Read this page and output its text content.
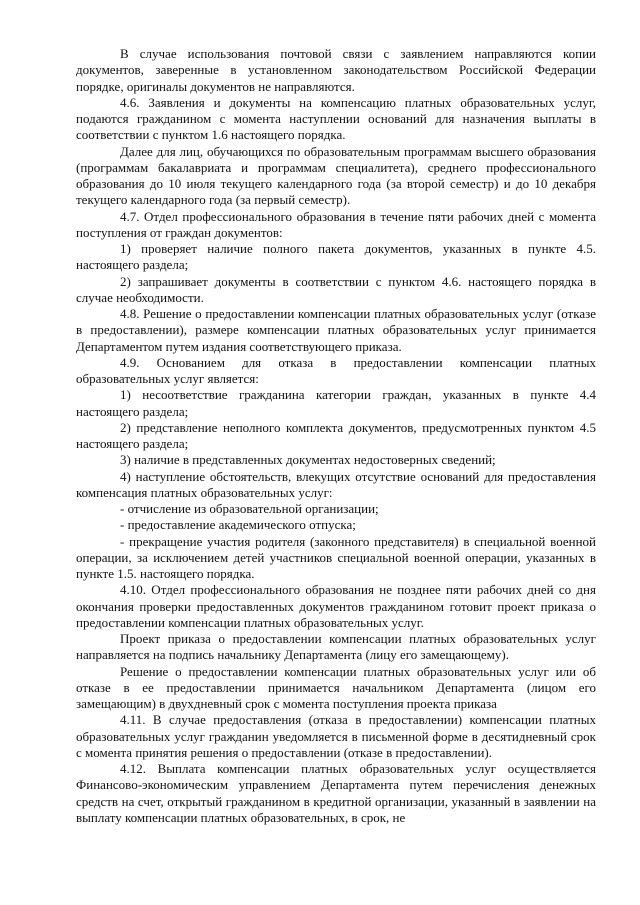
В случае использования почтовой связи с заявлением направляются копии документов, заверенные в установленном законодательством Российской Федерации порядке, оригиналы документов не направляются.

4.6. Заявления и документы на компенсацию платных образовательных услуг, подаются гражданином с момента наступлении оснований для назначения выплаты в соответствии с пунктом 1.6 настоящего порядка.

Далее для лиц, обучающихся по образовательным программам высшего образования (программам бакалавриата и программам специалитета), среднего профессионального образования до 10 июля текущего календарного года (за второй семестр) и до 10 декабря текущего календарного года (за первый семестр).

4.7. Отдел профессионального образования в течение пяти рабочих дней с момента поступления от граждан документов:

1) проверяет наличие полного пакета документов, указанных в пункте 4.5. настоящего раздела;

2) запрашивает документы в соответствии с пунктом 4.6. настоящего порядка в случае необходимости.

4.8. Решение о предоставлении компенсации платных образовательных услуг (отказе в предоставлении), размере компенсации платных образовательных услуг принимается Департаментом путем издания соответствующего приказа.

4.9. Основанием для отказа в предоставлении компенсации платных образовательных услуг является:

1) несоответствие гражданина категории граждан, указанных в пункте 4.4 настоящего раздела;

2) представление неполного комплекта документов, предусмотренных пунктом 4.5 настоящего раздела;

3) наличие в представленных документах недостоверных сведений;

4) наступление обстоятельств, влекущих отсутствие оснований для предоставления компенсация платных образовательных услуг:

- отчисление из образовательной организации;

- предоставление академического отпуска;

- прекращение участия родителя (законного представителя) в специальной военной операции, за исключением детей участников специальной военной операции, указанных в пункте 1.5. настоящего порядка.

4.10. Отдел профессионального образования не позднее пяти рабочих дней со дня окончания проверки предоставленных документов гражданином готовит проект приказа о предоставлении компенсации платных образовательных услуг.

Проект приказа о предоставлении компенсации платных образовательных услуг направляется на подпись начальнику Департамента (лицу его замещающему).

Решение о предоставлении компенсации платных образовательных услуг или об отказе в ее предоставлении принимается начальником Департамента (лицом его замещающим) в двухдневный срок с момента поступления проекта приказа

4.11. В случае предоставления (отказа в предоставлении) компенсации платных образовательных услуг гражданин уведомляется в письменной форме в десятидневный срок с момента принятия решения о предоставлении (отказе в предоставлении).

4.12. Выплата компенсации платных образовательных услуг осуществляется Финансово-экономическим управлением Департамента путем перечисления денежных средств на счет, открытый гражданином в кредитной организации, указанный в заявлении на выплату компенсации платных образовательных, в срок, не
